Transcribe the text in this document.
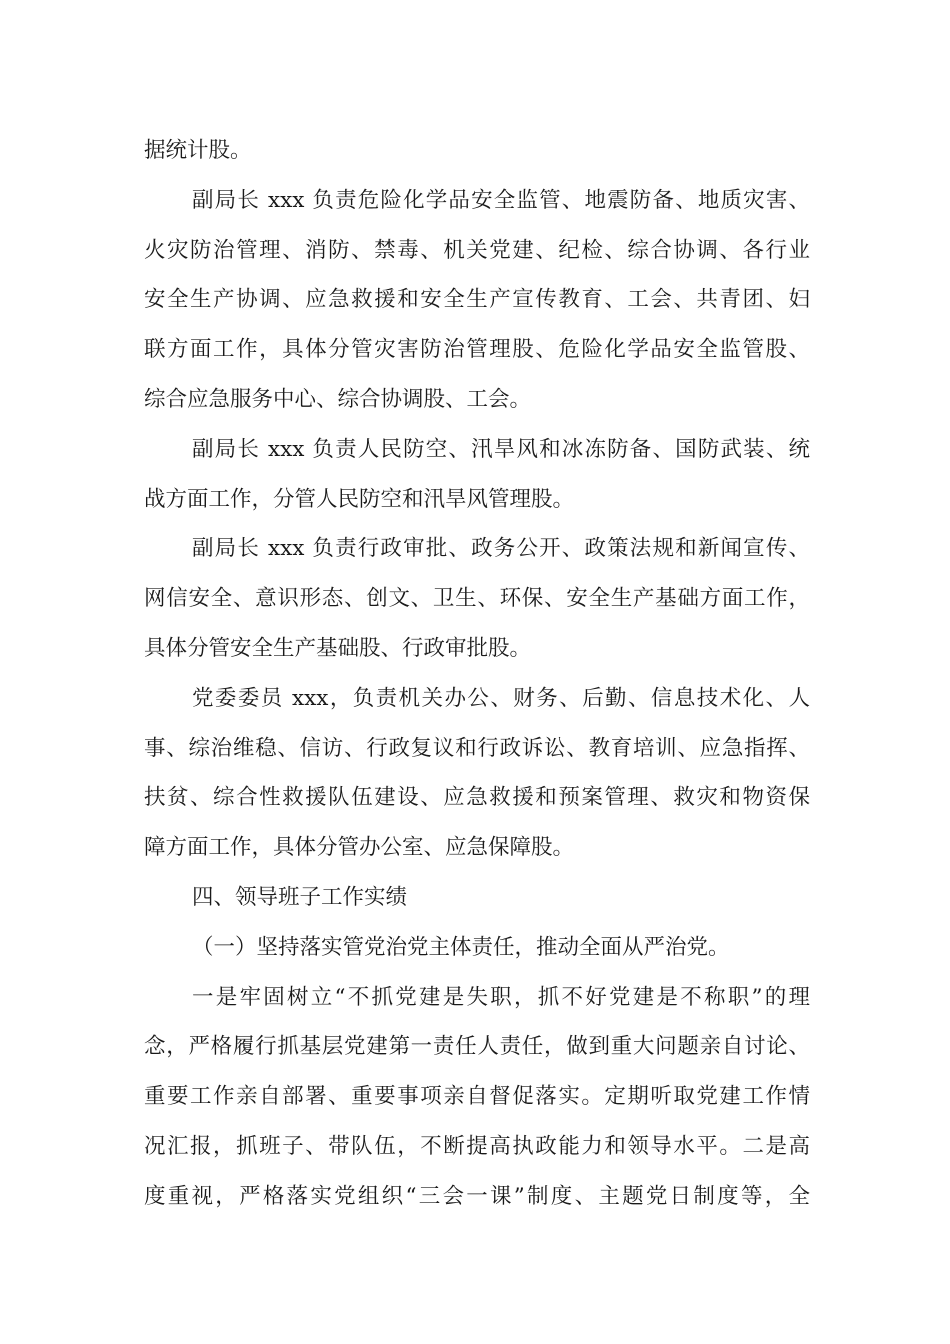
据统计股。
副局长 xxx 负责危险化学品安全监管、地震防备、地质灾害、
火灾防治管理、消防、禁毒、机关党建、纪检、综合协调、各行业
安全生产协调、应急救援和安全生产宣传教育、工会、共青团、妇
联方面工作，具体分管灾害防治管理股、危险化学品安全监管股、
综合应急服务中心、综合协调股、工会。
副局长 xxx 负责人民防空、汛旱风和冰冻防备、国防武装、统
战方面工作，分管人民防空和汛旱风管理股。
副局长 xxx 负责行政审批、政务公开、政策法规和新闻宣传、
网信安全、意识形态、创文、卫生、环保、安全生产基础方面工作，
具体分管安全生产基础股、行政审批股。
党委委员 xxx，负责机关办公、财务、后勤、信息技术化、人
事、综治维稳、信访、行政复议和行政诉讼、教育培训、应急指挥、
扶贫、综合性救援队伍建设、应急救援和预案管理、救灾和物资保
障方面工作，具体分管办公室、应急保障股。
四、领导班子工作实绩
（一）坚持落实管党治党主体责任，推动全面从严治党。
一是牢固树立“不抓党建是失职，抓不好党建是不称职”的理
念，严格履行抓基层党建第一责任人责任，做到重大问题亲自讨论、
重要工作亲自部署、重要事项亲自督促落实。定期听取党建工作情
况汇报，抓班子、带队伍，不断提高执政能力和领导水平。二是高
度重视，严格落实党组织“三会一课”制度、主题党日制度等，全
